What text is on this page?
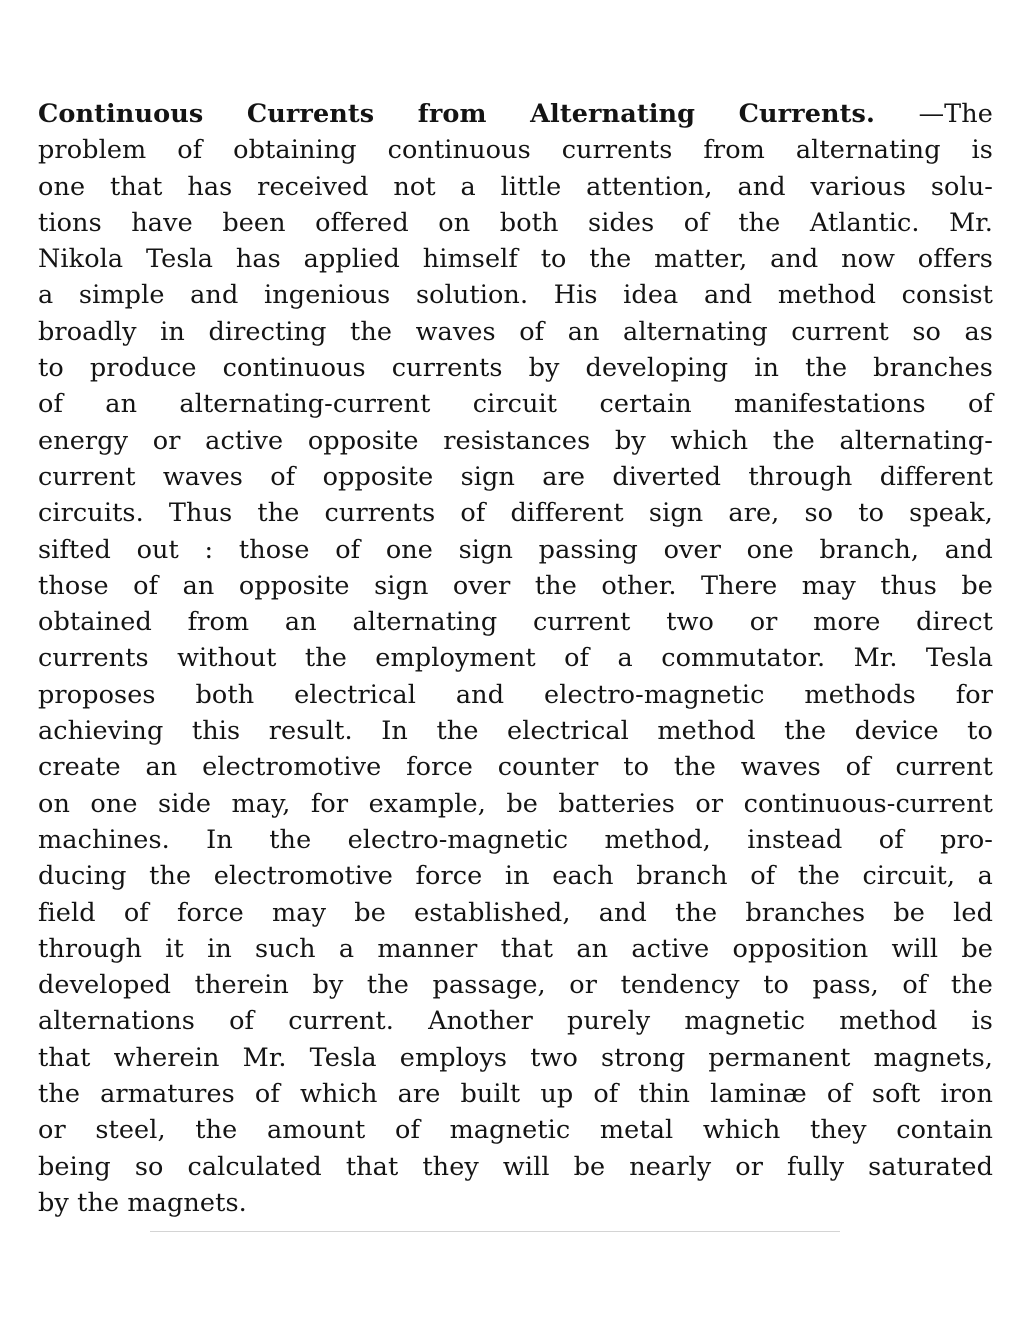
Continuous Currents from Alternating Currents. —The
problem of obtaining continuous currents from alternating is
one that has received not a little attention, and various solu-
tions have been offered on both sides of the Atlantic. Mr.
Nikola Tesla has applied himself to the matter, and now offers
a simple and ingenious solution. His idea and method consist
broadly in directing the waves of an alternating current so as
to produce continuous currents by developing in the branches
of an alternating-current circuit certain manifestations of
energy or active opposite resistances by which the alternating-
current waves of opposite sign are diverted through different
circuits. Thus the currents of different sign are, so to speak,
sifted out : those of one sign passing over one branch, and
those of an opposite sign over the other. There may thus be
obtained from an alternating current two or more direct
currents without the employment of a commutator. Mr. Tesla
proposes both electrical and electro-magnetic methods for
achieving this result. In the electrical method the device to
create an electromotive force counter to the waves of current
on one side may, for example, be batteries or continuous-current
machines. In the electro-magnetic method, instead of pro-
ducing the electromotive force in each branch of the circuit, a
field of force may be established, and the branches be led
through it in such a manner that an active opposition will be
developed therein by the passage, or tendency to pass, of the
alternations of current. Another purely magnetic method is
that wherein Mr. Tesla employs two strong permanent magnets,
the armatures of which are built up of thin laminæ of soft iron
or steel, the amount of magnetic metal which they contain
being so calculated that they will be nearly or fully saturated
by the magnets.
